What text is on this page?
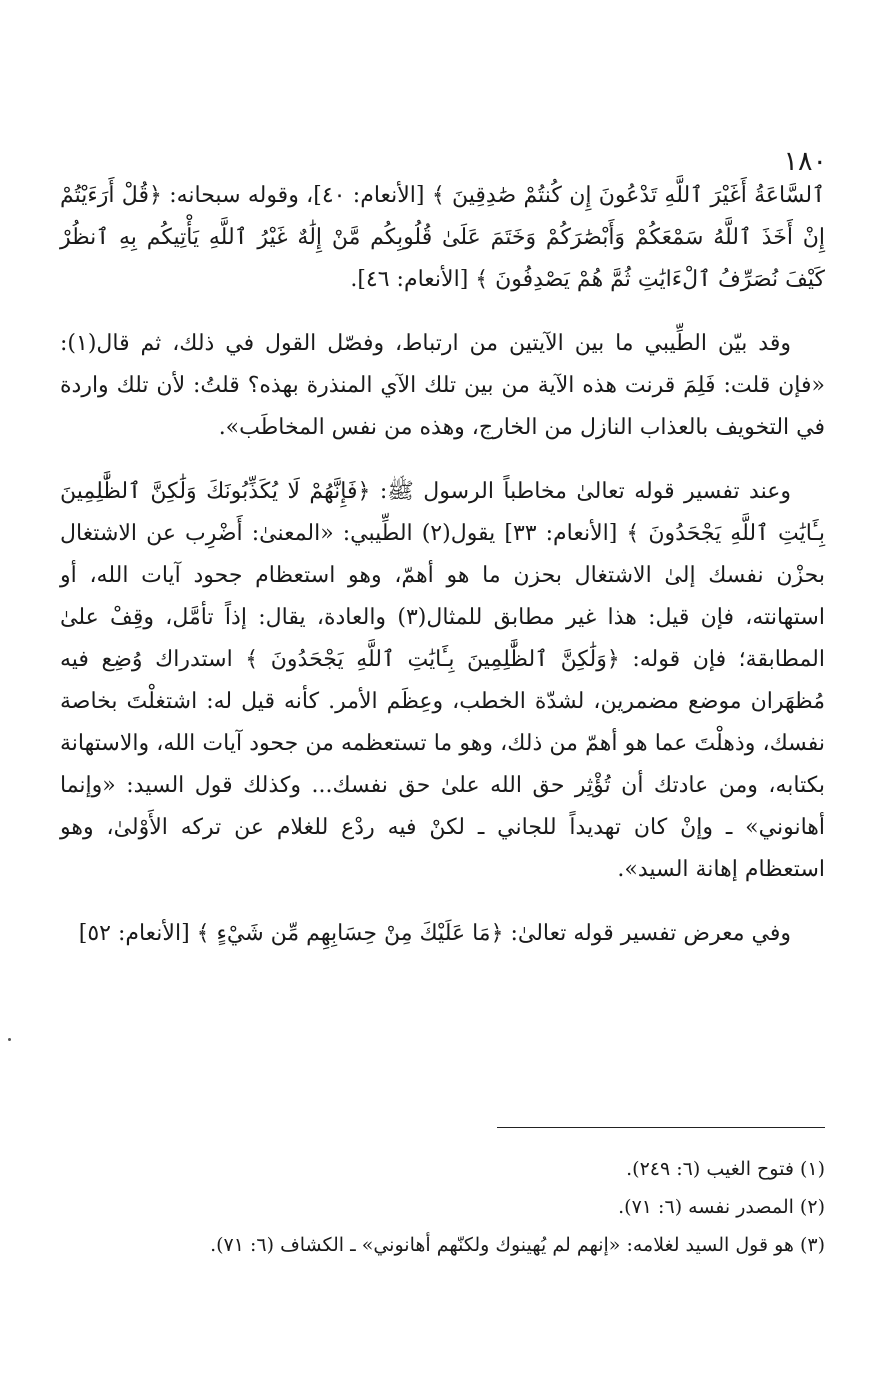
١٨٠

ٱلسَّاعَةُ أَغَيْرَ ٱللَّهِ تَدْعُونَ إِن كُنتُمْ صَٰدِقِينَ ﴾ [الأنعام: ٤٠]، وقوله سبحانه: ﴿قُلْ أَرَءَيْتُمْ إِنْ أَخَذَ ٱللَّهُ سَمْعَكُمْ وَأَبْصَٰرَكُمْ وَخَتَمَ عَلَىٰ قُلُوبِكُم مَّنْ إِلَٰهٌ غَيْرُ ٱللَّهِ يَأْتِيكُم بِهِ ٱنظُرْ كَيْفَ نُصَرِّفُ ٱلْءَايَٰتِ ثُمَّ هُمْ يَصْدِفُونَ ﴾ [الأنعام: ٤٦].

وقد بيّن الطِّيبي ما بين الآيتين من ارتباط، وفصّل القول في ذلك، ثم قال(١): «فإن قلت: فَلِمَ قرنت هذه الآية من بين تلك الآي المنذرة بهذه؟ قلتُ: لأن تلك واردة في التخويف بالعذاب النازل من الخارج، وهذه من نفس المخاطَب».

وعند تفسير قوله تعالىٰ مخاطباً الرسول ﷺ: ﴿فَإِنَّهُمْ لَا يُكَذِّبُونَكَ وَلَٰكِنَّ ٱلظَّٰلِمِينَ بِـَٔايَٰتِ ٱللَّهِ يَجْحَدُونَ ﴾ [الأنعام: ٣٣] يقول(٢) الطِّيبي: «المعنىٰ: أَضْرِب عن الاشتغال بحزْن نفسك إلىٰ الاشتغال بحزن ما هو أهمّ، وهو استعظام جحود آيات الله، أو استهانته، فإن قيل: هذا غير مطابق للمثال(٣) والعادة، يقال: إذاً تأمَّل، وقِفْ علىٰ المطابقة؛ فإن قوله: ﴿وَلَٰكِنَّ ٱلظَّٰلِمِينَ بِـَٔايَٰتِ ٱللَّهِ يَجْحَدُونَ ﴾ استدراك وُضِع فيه مُظهَران موضع مضمرين، لشدّة الخطب، وعِظَم الأمر. كأنه قيل له: اشتغلْتَ بخاصة نفسك، وذهلْتَ عما هو أهمّ من ذلك، وهو ما تستعظمه من جحود آيات الله، والاستهانة بكتابه، ومن عادتك أن تُؤْثِر حق الله علىٰ حق نفسك... وكذلك قول السيد: «وإنما أهانوني» ـ وإنْ كان تهديداً للجاني ـ لكنْ فيه ردْع للغلام عن تركه الأَوْلىٰ، وهو استعظام إهانة السيد».

وفي معرض تفسير قوله تعالىٰ: ﴿مَا عَلَيْكَ مِنْ حِسَابِهِم مِّن شَيْءٍ ﴾ [الأنعام: ٥٢]

(١) فتوح الغيب (٦: ٢٤٩).
(٢) المصدر نفسه (٦: ٧١).
(٣) هو قول السيد لغلامه: «إنهم لم يُهينوك ولكنّهم أهانوني» ـ الكشاف (٦: ٧١).
